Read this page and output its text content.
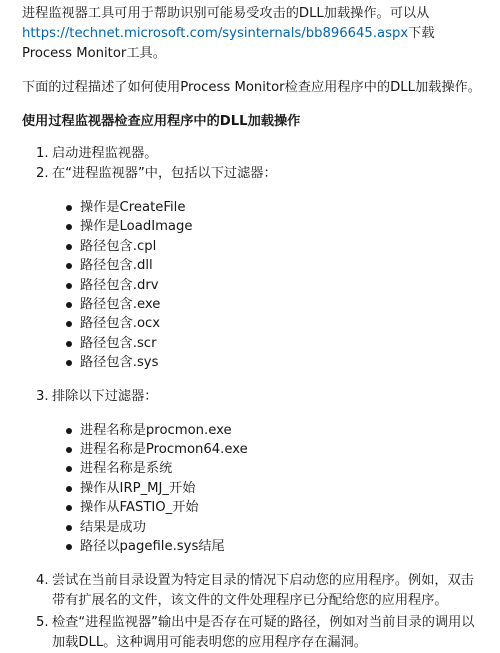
进程监视器工具可用于帮助识别可能易受攻击的DLL加载操作。可以从https://technet.microsoft.com/sysinternals/bb896645.aspx下载Process Monitor工具。

下面的过程描述了如何使用Process Monitor检查应用程序中的DLL加载操作。

使用过程监视器检查应用程序中的DLL加载操作

1. 启动进程监视器。
2. 在“进程监视器”中，包括以下过滤器：
操作是CreateFile
操作是LoadImage
路径包含.cpl
路径包含.dll
路径包含.drv
路径包含.exe
路径包含.ocx
路径包含.scr
路径包含.sys
3. 排除以下过滤器：
进程名称是procmon.exe
进程名称是Procmon64.exe
进程名称是系统
操作从IRP_MJ_开始
操作从FASTIO_开始
结果是成功
路径以pagefile.sys结尾
4. 尝试在当前目录设置为特定目录的情况下启动您的应用程序。例如，双击带有扩展名的文件，该文件的文件处理程序已分配给您的应用程序。
5. 检查“进程监视器”输出中是否存在可疑的路径，例如对当前目录的调用以加载DLL。这种调用可能表明您的应用程序存在漏洞。
